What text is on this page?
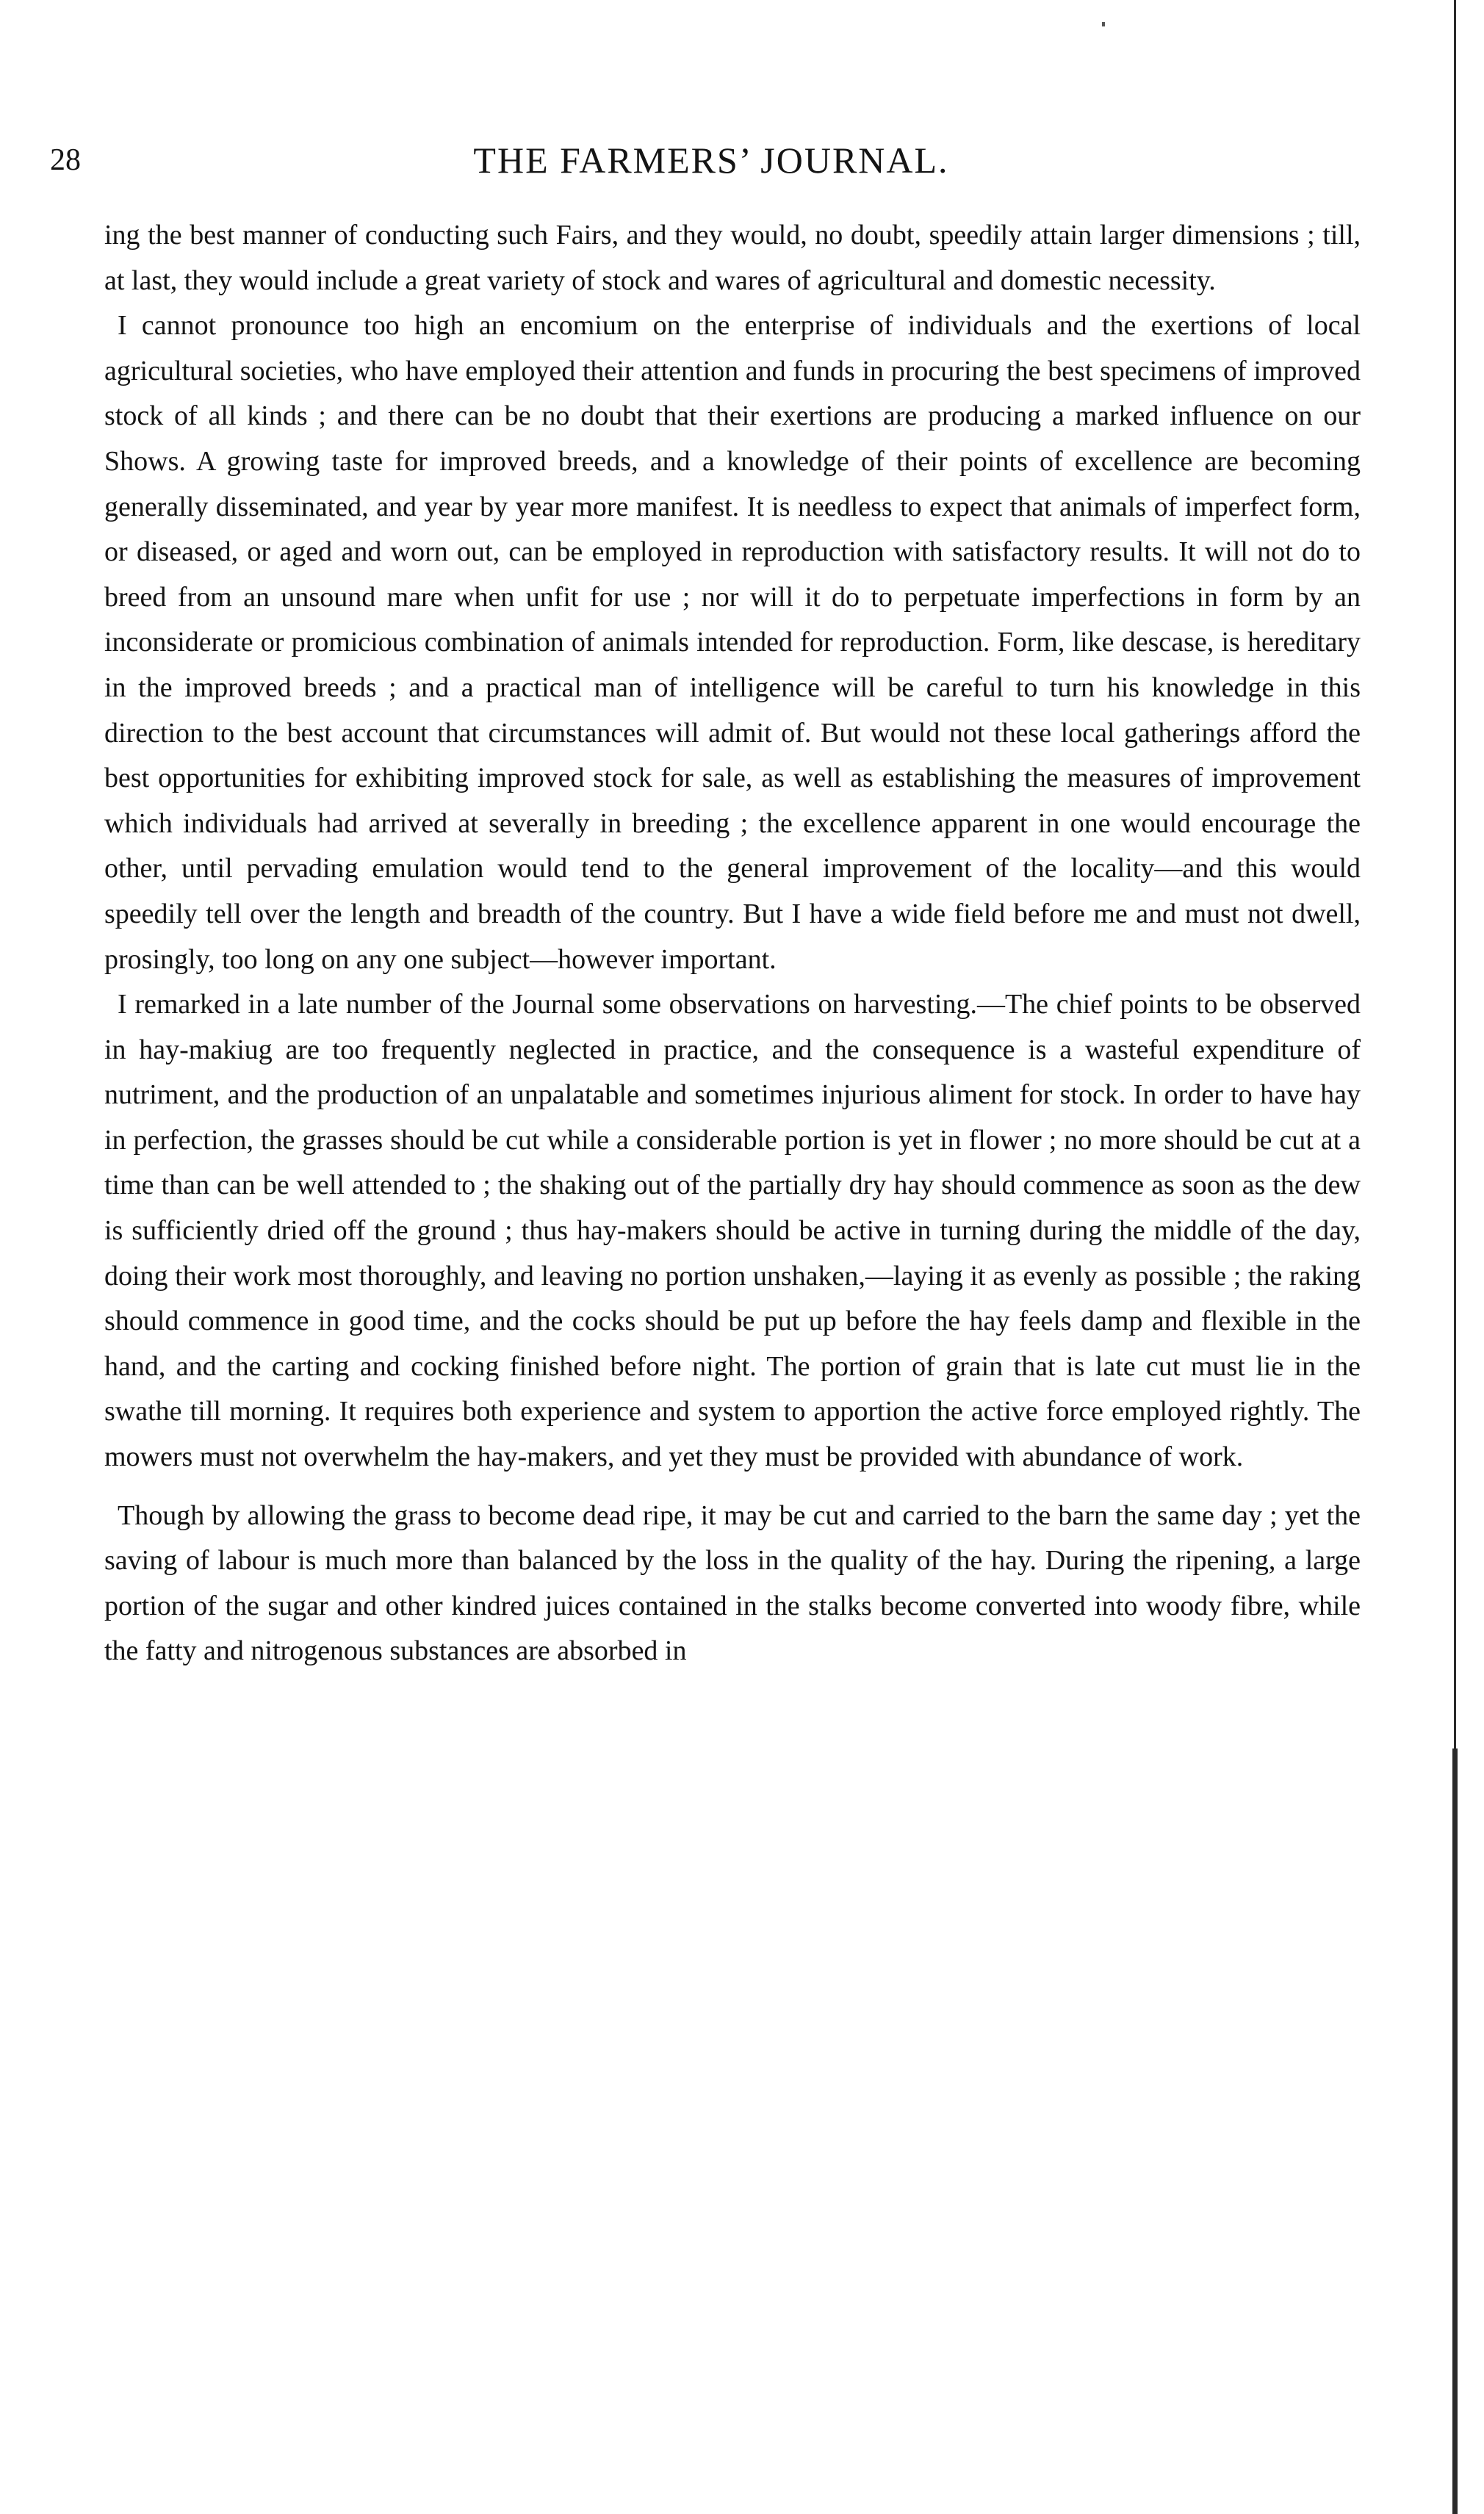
28	THE FARMERS’ JOURNAL.

ing the best manner of conducting such Fairs, and they would, no doubt, speedily attain larger dimensions ; till, at last, they would include a great variety of stock and wares of agricultural and domestic necessity.

I cannot pronounce too high an encomium on the enterprise of individuals and the exertions of local agricultural societies, who have employed their attention and funds in procuring the best specimens of improved stock of all kinds ; and there can be no doubt that their exertions are producing a marked influence on our Shows. A growing taste for improved breeds, and a knowledge of their points of excellence are becoming generally disseminated, and year by year more manifest. It is needless to expect that animals of imperfect form, or diseased, or aged and worn out, can be employed in reproduction with satisfactory results. It will not do to breed from an unsound mare when unfit for use ; nor will it do to perpetuate imperfections in form by an inconsiderate or promicious combination of animals intended for reproduction. Form, like descase, is hereditary in the improved breeds ; and a practical man of intelligence will be careful to turn his knowledge in this direction to the best account that circumstances will admit of. But would not these local gatherings afford the best opportunities for exhibiting improved stock for sale, as well as establishing the measures of improvement which individuals had arrived at severally in breeding ; the excellence apparent in one would encourage the other, until pervading emulation would tend to the general improvement of the locality—and this would speedily tell over the length and breadth of the country. But I have a wide field before me and must not dwell, prosingly, too long on any one subject—however important.

I remarked in a late number of the Journal some observations on harvesting.—The chief points to be observed in hay-makiug are too frequently neglected in practice, and the consequence is a wasteful expenditure of nutriment, and the production of an unpalatable and sometimes injurious aliment for stock. In order to have hay in perfection, the grasses should be cut while a considerable portion is yet in flower ; no more should be cut at a time than can be well attended to ; the shaking out of the partially dry hay should commence as soon as the dew is sufficiently dried off the ground ; thus hay-makers should be active in turning during the middle of the day, doing their work most thoroughly, and leaving no portion unshaken,—laying it as evenly as possible ; the raking should commence in good time, and the cocks should be put up before the hay feels damp and flexible in the hand, and the carting and cocking finished before night. The portion of grain that is late cut must lie in the swathe till morning. It requires both experience and system to apportion the active force employed rightly. The mowers must not overwhelm the hay-makers, and yet they must be provided with abundance of work.

Though by allowing the grass to become dead ripe, it may be cut and carried to the barn the same day ; yet the saving of labour is much more than balanced by the loss in the quality of the hay. During the ripening, a large portion of the sugar and other kindred juices contained in the stalks become converted into woody fibre, while the fatty and nitrogenous substances are absorbed in
